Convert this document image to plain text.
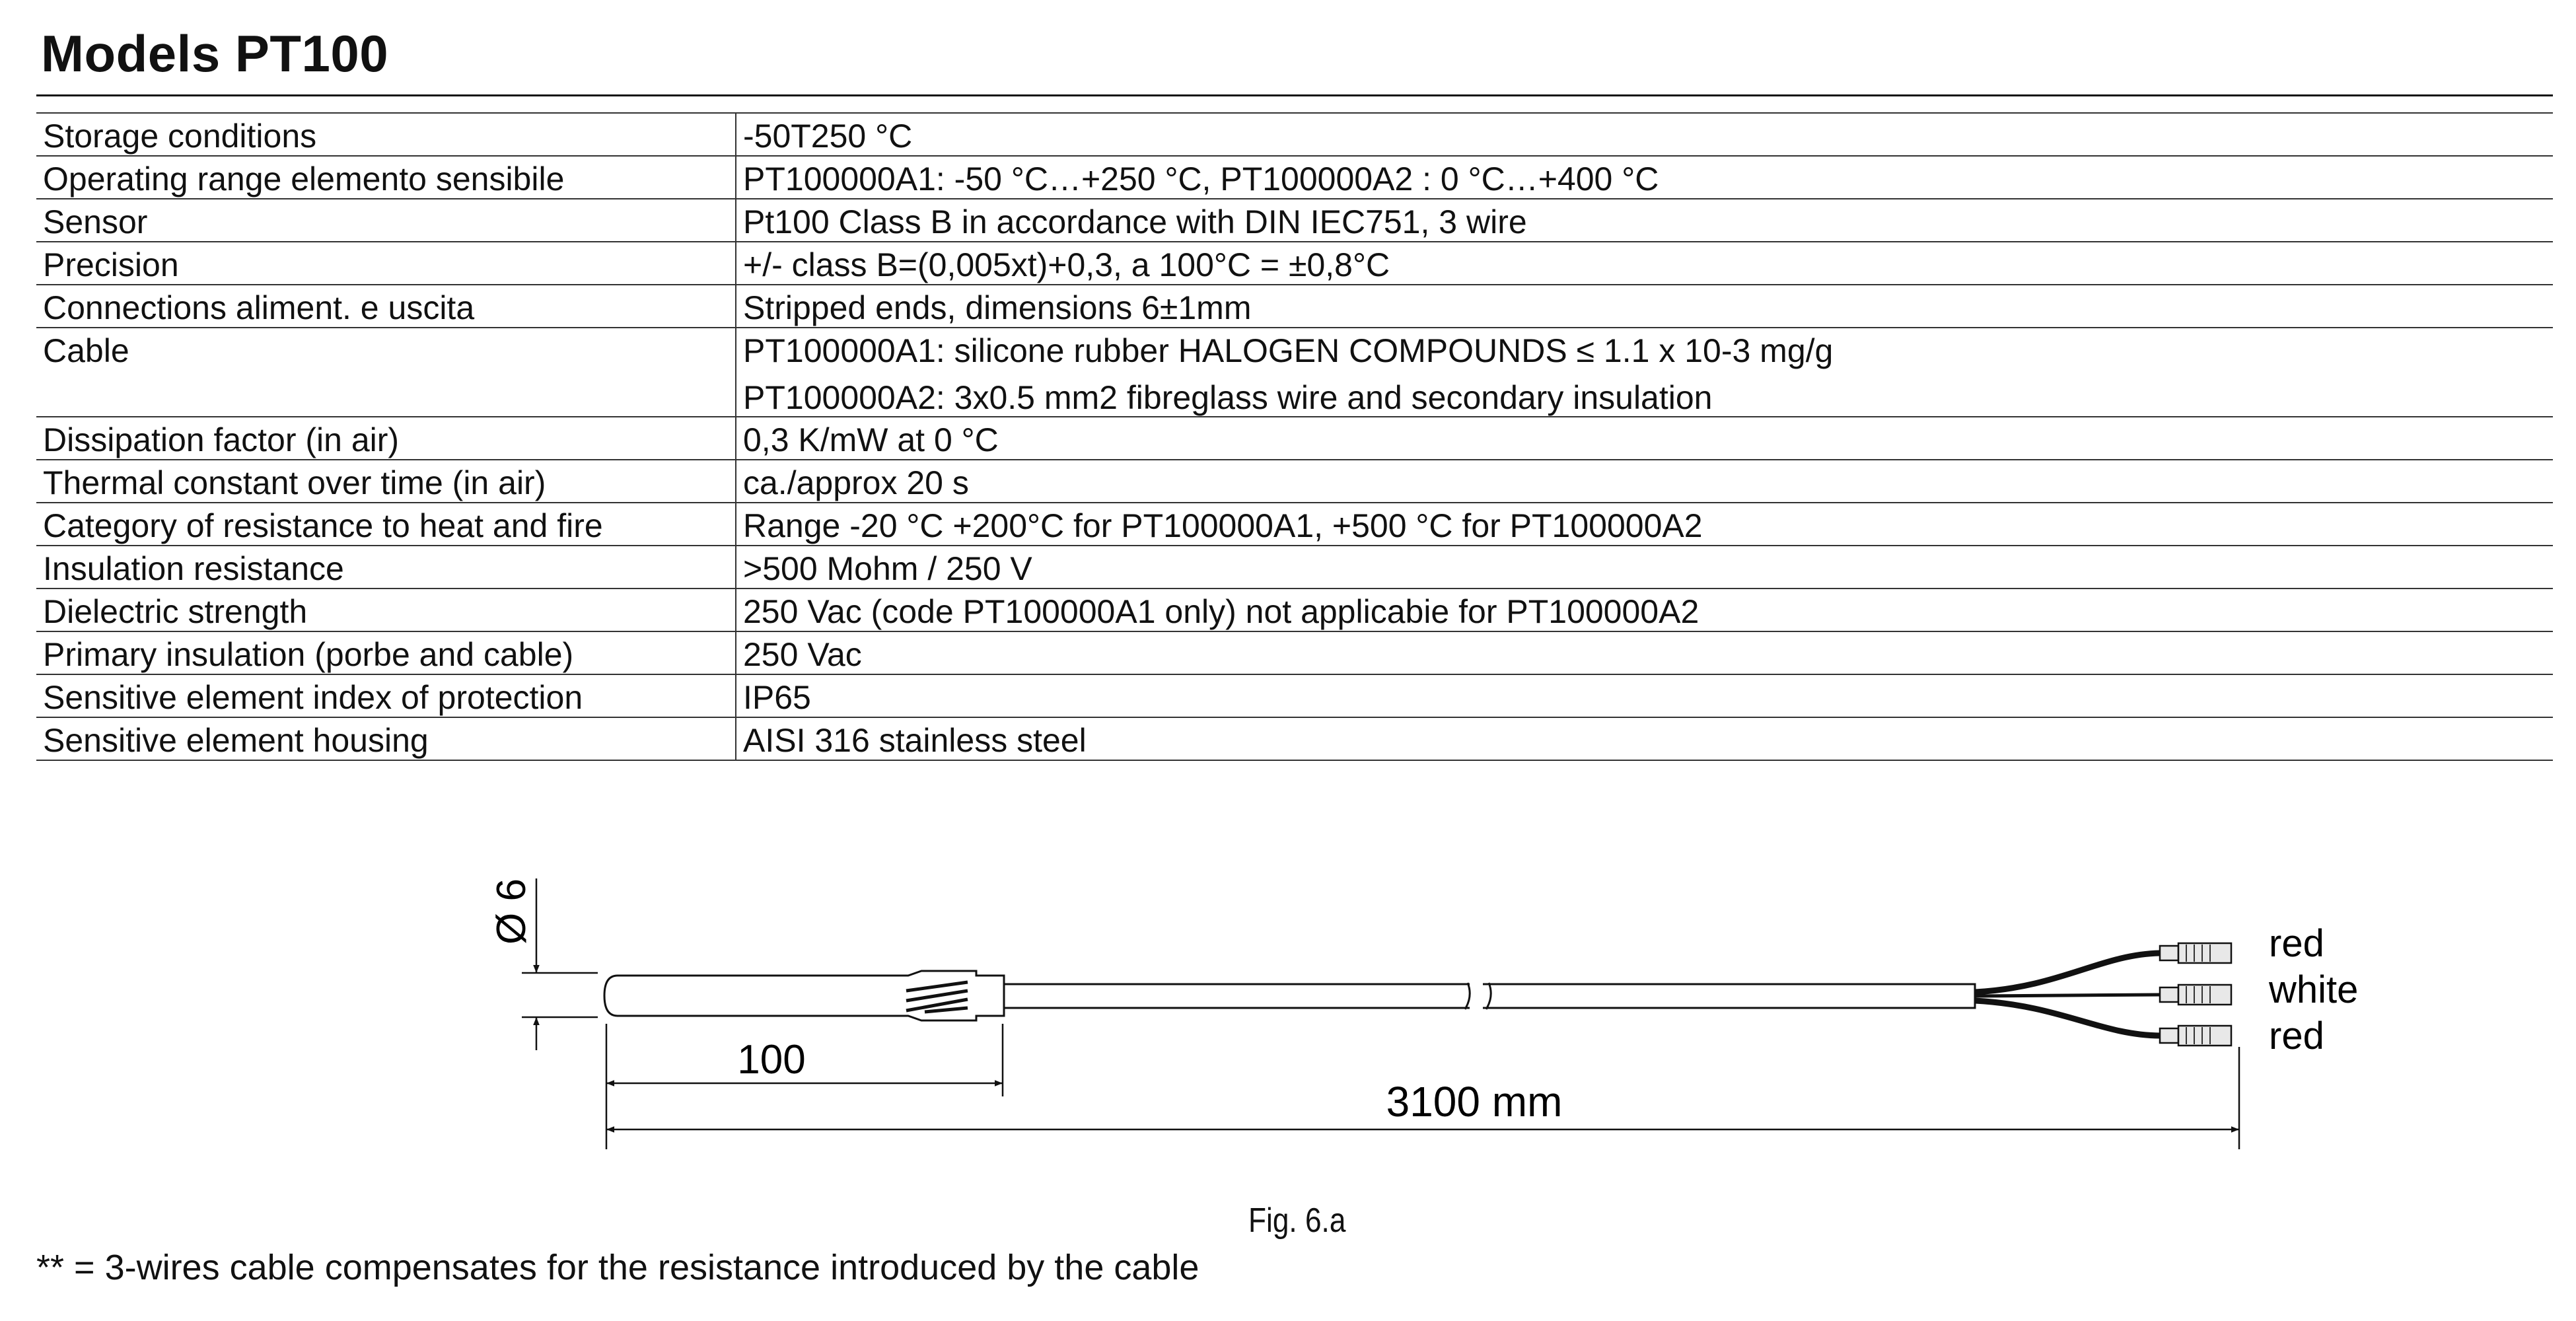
Models PT100
Storage conditions	-50T250 °C

Operating range elemento sensibile	PT100000A1: -50 °C…+250 °C, PT100000A2 : 0 °C…+400 °C

Sensor	Pt100 Class B in accordance with DIN IEC751, 3 wire

Precision	+/- class B=(0,005xt)+0,3, a 100°C = ±0,8°C

Connections aliment. e uscita	Stripped ends, dimensions 6±1mm

Cable	PT100000A1: silicone rubber HALOGEN COMPOUNDS ≤ 1.1 x 10-3 mg/g
PT100000A2: 3x0.5 mm2 fibreglass wire and secondary insulation

Dissipation factor (in air)	0,3 K/mW at 0 °C

Thermal constant over time (in air)	ca./approx 20 s

Category of resistance to heat and fire	Range -20 °C +200°C for PT100000A1, +500 °C for PT100000A2

Insulation resistance	>500 Mohm / 250 V

Dielectric strength	250 Vac (code PT100000A1 only) not applicabie for PT100000A2

Primary insulation (porbe and cable)	250 Vac

Sensitive element index of protection	IP65

Sensitive element housing	AISI 316 stainless steel
Ø 6	red
white
red
100
3100 mm
Fig. 6.a
** = 3-wires cable compensates for the resistance introduced by the cable
